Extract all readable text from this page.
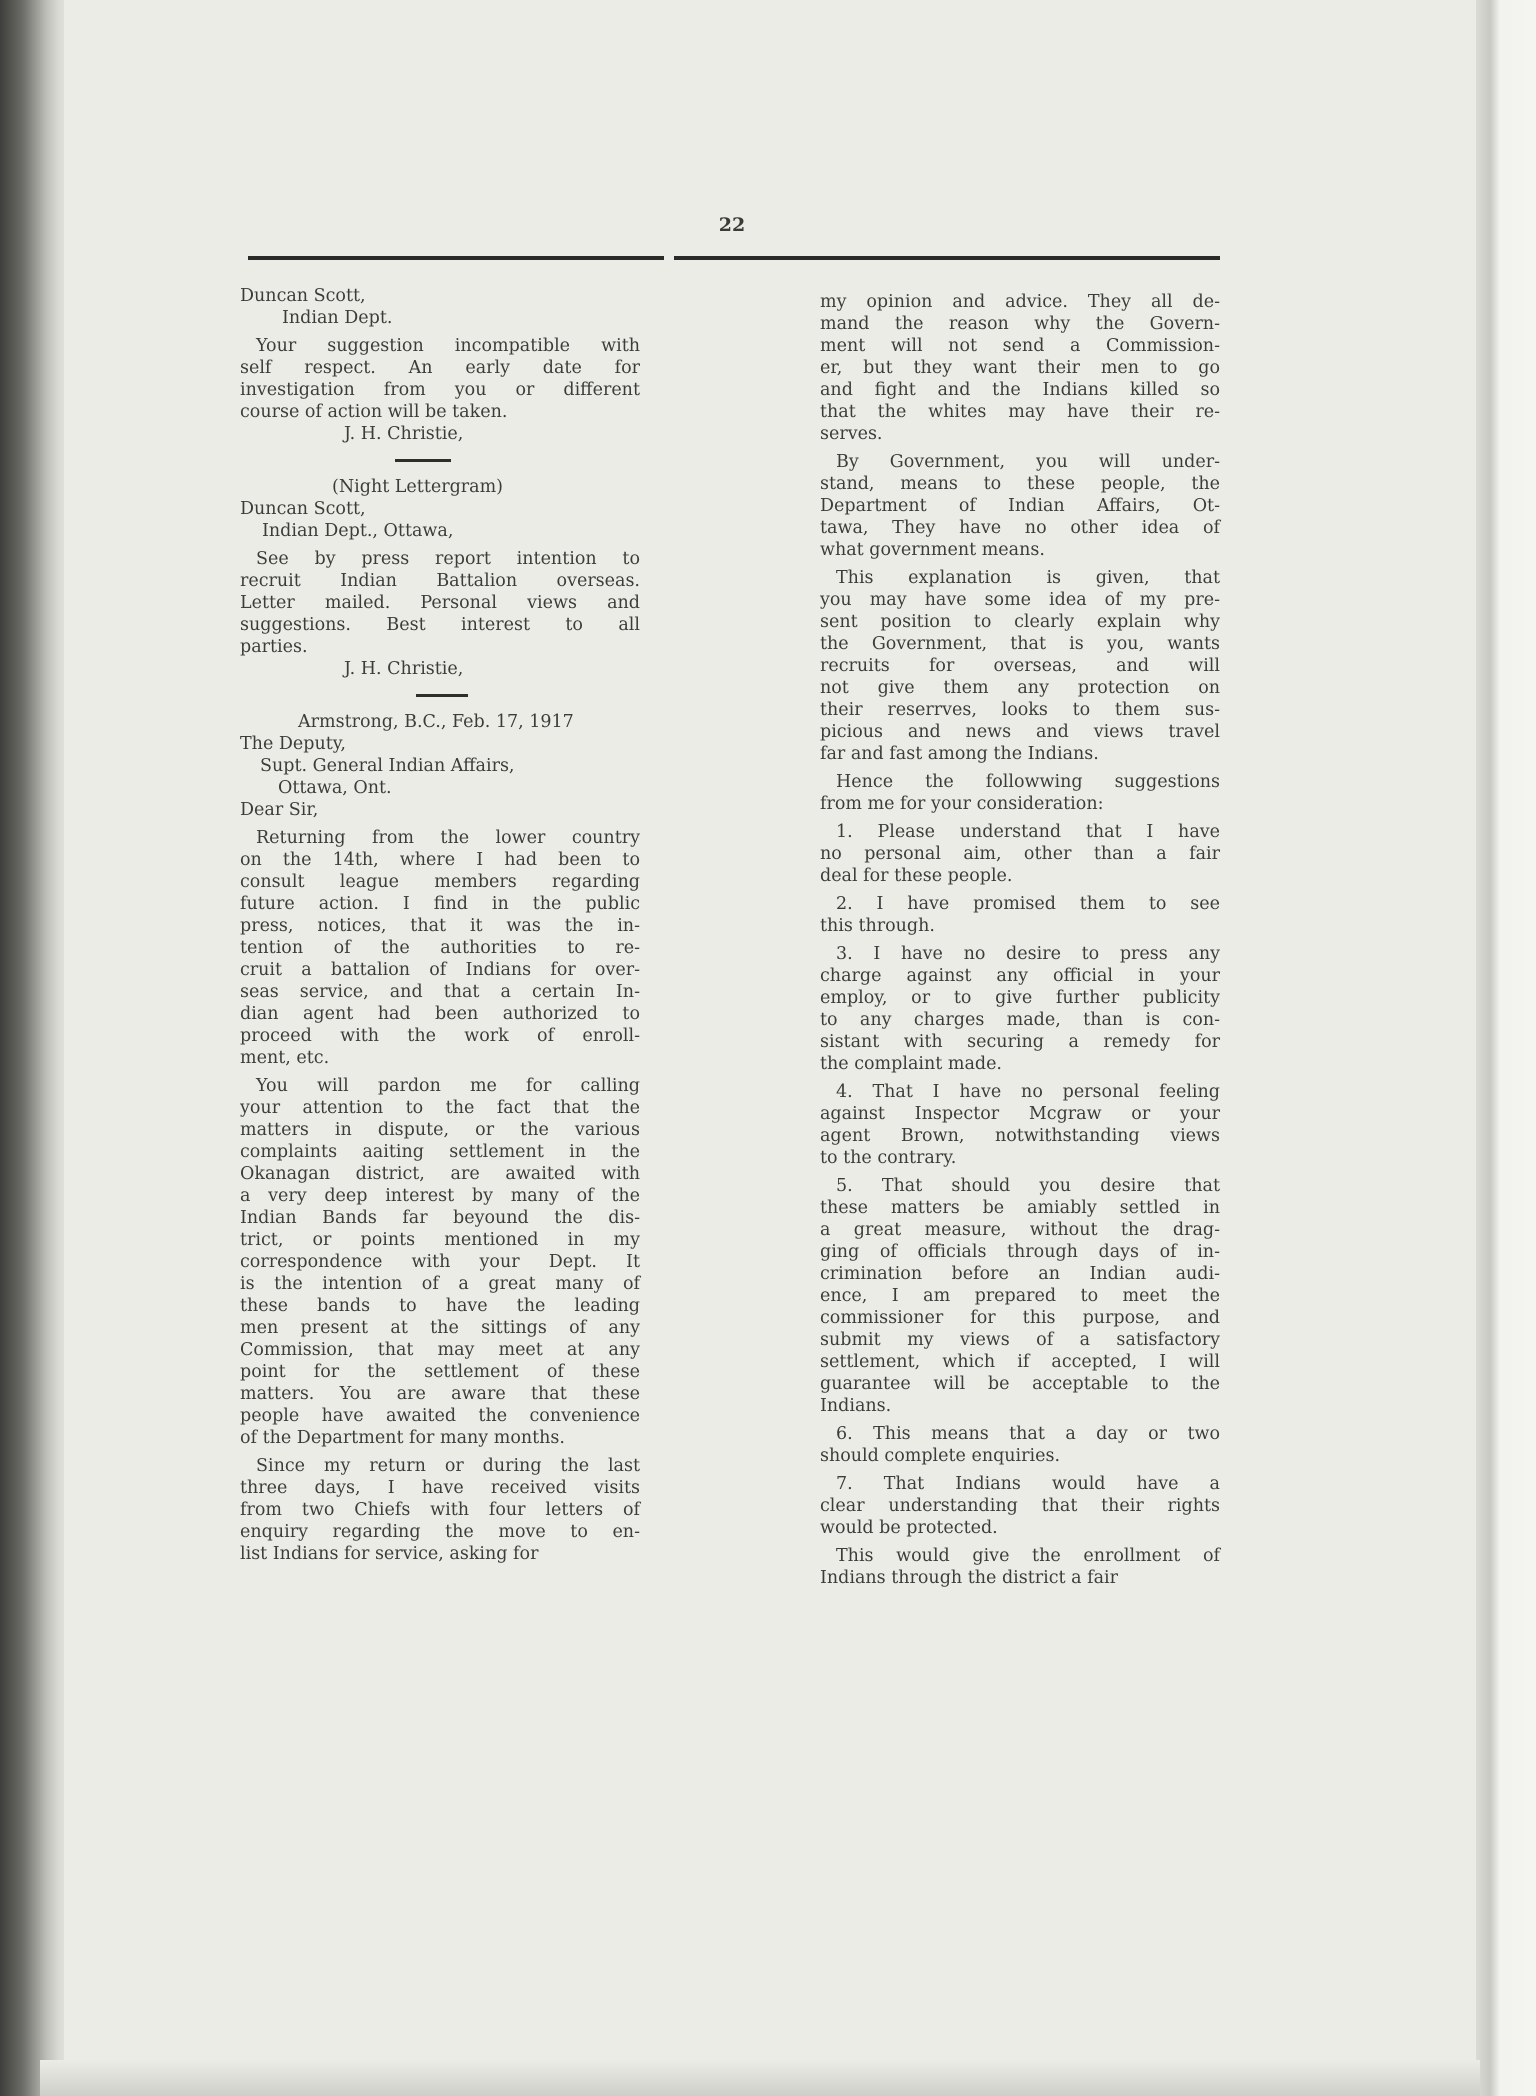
22
Duncan Scott,
Indian Dept.
Your suggestion incompatible with
self respect. An early date for
investigation from you or different
course of action will be taken.
J. H. Christie,
(Night Lettergram)
Duncan Scott,
Indian Dept., Ottawa,
See by press report intention to
recruit Indian Battalion overseas.
Letter mailed. Personal views and
suggestions. Best interest to all
parties.
J. H. Christie,
Armstrong, B.C., Feb. 17, 1917
The Deputy,
Supt. General Indian Affairs,
Ottawa, Ont.
Dear Sir,
Returning from the lower country
on the 14th, where I had been to
consult league members regarding
future action. I find in the public
press, notices, that it was the in-
tention of the authorities to re-
cruit a battalion of Indians for over-
seas service, and that a certain In-
dian agent had been authorized to
proceed with the work of enroll-
ment, etc.
You will pardon me for calling
your attention to the fact that the
matters in dispute, or the various
complaints aaiting settlement in the
Okanagan district, are awaited with
a very deep interest by many of the
Indian Bands far beyound the dis-
trict, or points mentioned in my
correspondence with your Dept. It
is the intention of a great many of
these bands to have the leading
men present at the sittings of any
Commission, that may meet at any
point for the settlement of these
matters. You are aware that these
people have awaited the convenience
of the Department for many months.
Since my return or during the last
three days, I have received visits
from two Chiefs with four letters of
enquiry regarding the move to en-
list Indians for service, asking for
my opinion and advice. They all de-
mand the reason why the Govern-
ment will not send a Commission-
er, but they want their men to go
and fight and the Indians killed so
that the whites may have their re-
serves.
By Government, you will under-
stand, means to these people, the
Department of Indian Affairs, Ot-
tawa, They have no other idea of
what government means.
This explanation is given, that
you may have some idea of my pre-
sent position to clearly explain why
the Government, that is you, wants
recruits for overseas, and will
not give them any protection on
their reserrves, looks to them sus-
picious and news and views travel
far and fast among the Indians.
Hence the followwing suggestions
from me for your consideration:
1. Please understand that I have
no personal aim, other than a fair
deal for these people.
2. I have promised them to see
this through.
3. I have no desire to press any
charge against any official in your
employ, or to give further publicity
to any charges made, than is con-
sistant with securing a remedy for
the complaint made.
4. That I have no personal feeling
against Inspector Mcgraw or your
agent Brown, notwithstanding views
to the contrary.
5. That should you desire that
these matters be amiably settled in
a great measure, without the drag-
ging of officials through days of in-
crimination before an Indian audi-
ence, I am prepared to meet the
commissioner for this purpose, and
submit my views of a satisfactory
settlement, which if accepted, I will
guarantee will be acceptable to the
Indians.
6. This means that a day or two
should complete enquiries.
7. That Indians would have a
clear understanding that their rights
would be protected.
This would give the enrollment of
Indians through the district a fair
